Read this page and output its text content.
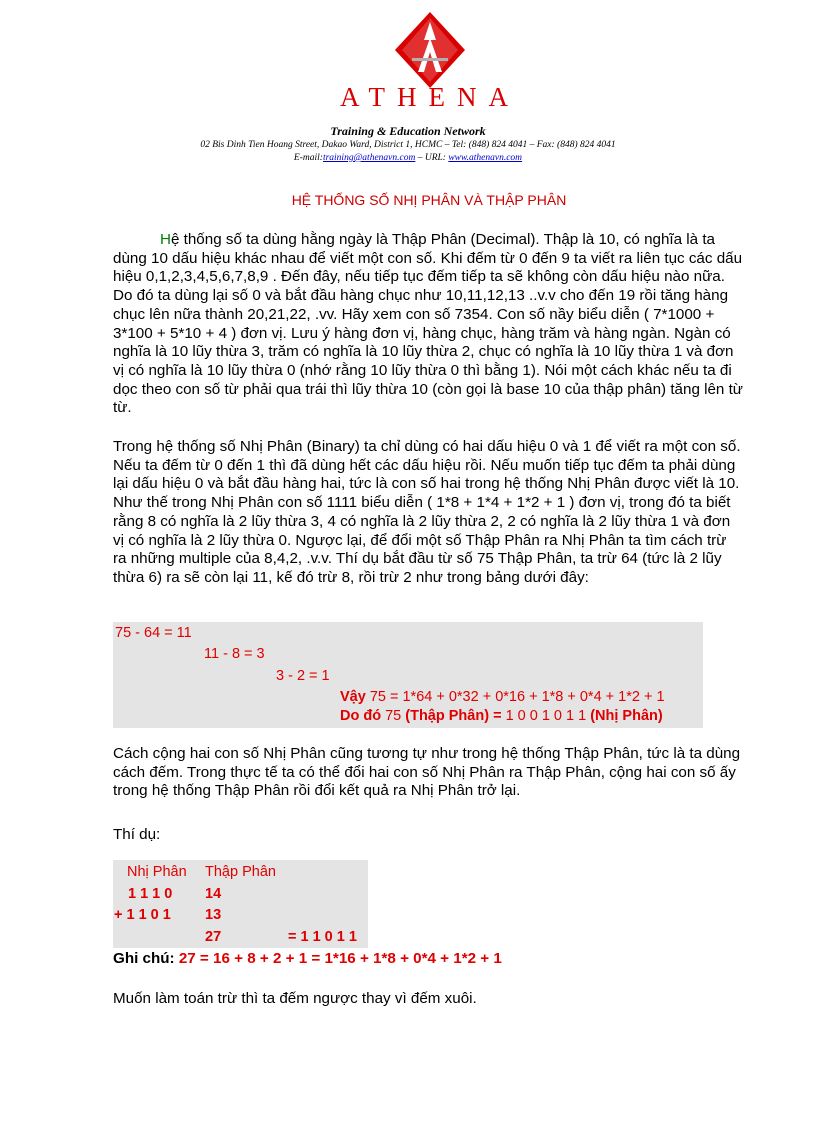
ATHENA
Training & Education Network
02 Bis Dinh Tien Hoang Street, Dakao Ward, District 1, HCMC – Tel: (848) 824 4041 – Fax: (848) 824 4041
E-mail:training@athenavn.com – URL: www.athenavn.com
HỆ THỐNG SỐ NHỊ PHÂN VÀ THẬP PHÂN

Hệ thống số ta dùng hằng ngày là Thập Phân (Decimal). Thập là 10, có nghĩa là ta dùng 10 dấu hiệu khác nhau để viết một con số. Khi đếm từ 0 đến 9 ta viết ra liên tục các dấu hiệu 0,1,2,3,4,5,6,7,8,9 . Đến đây, nếu tiếp tục đếm tiếp ta sẽ không còn dấu hiệu nào nữa. Do đó ta dùng lại số 0 và bắt đầu hàng chục như 10,11,12,13 ..v.v cho đến 19 rồi tăng hàng chục lên nữa thành 20,21,22, .vv. Hãy xem con số 7354. Con số nầy biểu diễn ( 7*1000 + 3*100 + 5*10 + 4 ) đơn vị. Lưu ý hàng đơn vị, hàng chục, hàng trăm và hàng ngàn. Ngàn có nghĩa là 10 lũy thừa 3, trăm có nghĩa là 10 lũy thừa 2, chục có nghĩa là 10 lũy thừa 1 và đơn vị có nghĩa là 10 lũy thừa 0 (nhớ rằng 10 lũy thừa 0 thì bằng 1). Nói một cách khác nếu ta đi dọc theo con số từ phải qua trái thì lũy thừa 10 (còn gọi là base 10 của thập phân) tăng lên từ từ.

Trong hệ thống số Nhị Phân (Binary) ta chỉ dùng có hai dấu hiệu 0 và 1 để viết ra một con số. Nếu ta đếm từ 0 đến 1 thì đã dùng hết các dấu hiệu rồi. Nếu muốn tiếp tục đếm ta phải dùng lại dấu hiệu 0 và bắt đầu hàng hai, tức là con số hai trong hệ thống Nhị Phân được viết là 10. Như thế trong Nhị Phân con số 1111 biểu diễn ( 1*8 + 1*4 + 1*2 + 1 ) đơn vị, trong đó ta biết rằng 8 có nghĩa là 2 lũy thừa 3, 4 có nghĩa là 2 lũy thừa 2, 2 có nghĩa là 2 lũy thừa 1 và đơn vị có nghĩa là 2 lũy thừa 0. Ngược lại, để đổi một số Thập Phân ra Nhị Phân ta tìm cách trừ ra những multiple của 8,4,2, .v.v. Thí dụ bắt đầu từ số 75 Thập Phân, ta trừ 64 (tức là 2 lũy thừa 6) ra sẽ còn lại 11, kế đó trừ 8, rồi trừ 2 như trong bảng dưới đây:

75 - 64 = 11
11 - 8 = 3
3 - 2 = 1
Vậy 75 = 1*64 + 0*32 + 0*16 + 1*8 + 0*4 + 1*2 + 1
Do đó 75 (Thập Phân) = 1 0 0 1 0 1 1 (Nhị Phân)

Cách cộng hai con số Nhị Phân cũng tương tự như trong hệ thống Thập Phân, tức là ta dùng cách đếm. Trong thực tế ta có thể đổi hai con số Nhị Phân ra Thập Phân, cộng hai con số ấy trong hệ thống Thập Phân rồi đổi kết quả ra Nhị Phân trở lại.

Thí dụ:

Nhị Phân Thập Phân
1 1 1 0 14
+ 1 1 0 1 13
27	= 1 1 0 1 1

Ghi chú: 27 = 16 + 8 + 2 + 1 = 1*16 + 1*8 + 0*4 + 1*2 + 1

Muốn làm toán trừ thì ta đếm ngược thay vì đếm xuôi.
